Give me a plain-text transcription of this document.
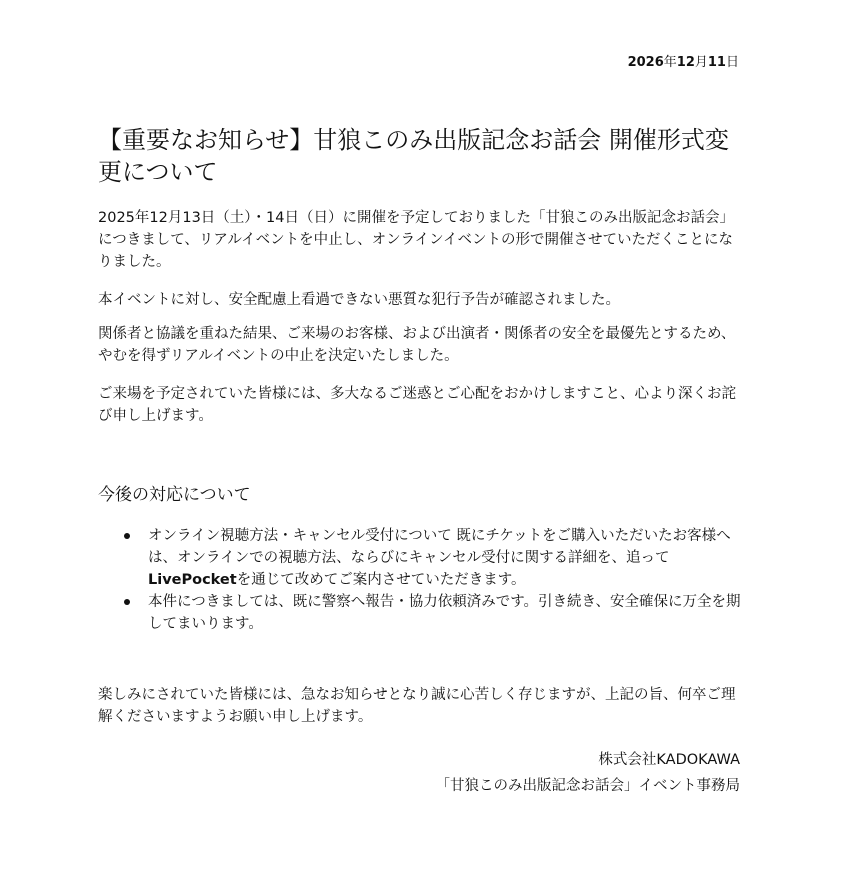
2026年12月11日
【重要なお知らせ】甘狼このみ出版記念お話会 開催形式変更について

2025年12月13日（土）・14日（日）に開催を予定しておりました「甘狼このみ出版記念お話会」につきまして、リアルイベントを中止し、オンラインイベントの形で開催させていただくことになりました。

本イベントに対し、安全配慮上看過できない悪質な犯行予告が確認されました。

関係者と協議を重ねた結果、ご来場のお客様、および出演者・関係者の安全を最優先とするため、やむを得ずリアルイベントの中止を決定いたしました。

ご来場を予定されていた皆様には、多大なるご迷惑とご心配をおかけしますこと、心より深くお詫び申し上げます。

今後の対応について
オンライン視聴方法・キャンセル受付について 既にチケットをご購入いただいたお客様へは、オンラインでの視聴方法、ならびにキャンセル受付に関する詳細を、追ってLivePocketを通じて改めてご案内させていただきます。
本件につきましては、既に警察へ報告・協力依頼済みです。引き続き、安全確保に万全を期してまいります。

楽しみにされていた皆様には、急なお知らせとなり誠に心苦しく存じますが、上記の旨、何卒ご理解くださいますようお願い申し上げます。

株式会社KADOKAWA
「甘狼このみ出版記念お話会」イベント事務局
